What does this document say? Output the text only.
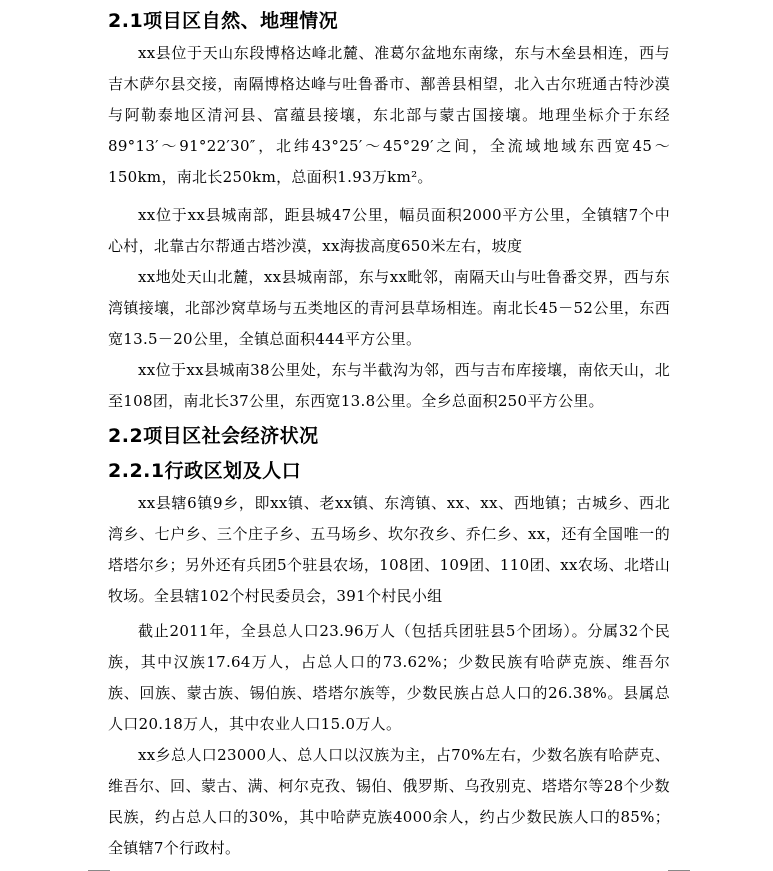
2.1项目区自然、地理情况
xx县位于天山东段博格达峰北麓、准葛尔盆地东南缘，东与木垒县相连，西与吉木萨尔县交接，南隔博格达峰与吐鲁番市、鄯善县相望，北入古尔班通古特沙漠与阿勒泰地区清河县、富蕴县接壤，东北部与蒙古国接壤。地理坐标介于东经89°13′～91°22′30″，北纬43°25′～45°29′之间，全流域地域东西宽45～150km，南北长250km，总面积1.93万km²。
xx位于xx县城南部，距县城47公里，幅员面积2000平方公里，全镇辖7个中心村，北靠古尔帮通古塔沙漠，xx海拔高度650米左右，坡度
xx地处天山北麓，xx县城南部，东与xx毗邻，南隔天山与吐鲁番交界，西与东湾镇接壤，北部沙窝草场与五类地区的青河县草场相连。南北长45－52公里，东西宽13.5－20公里，全镇总面积444平方公里。
xx位于xx县城南38公里处，东与半截沟为邻，西与吉布库接壤，南依天山，北至108团，南北长37公里，东西宽13.8公里。全乡总面积250平方公里。
2.2项目区社会经济状况
2.2.1行政区划及人口
xx县辖6镇9乡，即xx镇、老xx镇、东湾镇、xx、xx、西地镇；古城乡、西北湾乡、七户乡、三个庄子乡、五马场乡、坎尔孜乡、乔仁乡、xx，还有全国唯一的塔塔尔乡；另外还有兵团5个驻县农场，108团、109团、110团、xx农场、北塔山牧场。全县辖102个村民委员会，391个村民小组
截止2011年，全县总人口23.96万人（包括兵团驻县5个团场）。分属32个民族，其中汉族17.64万人，占总人口的73.62%；少数民族有哈萨克族、维吾尔族、回族、蒙古族、锡伯族、塔塔尔族等，少数民族占总人口的26.38%。县属总人口20.18万人，其中农业人口15.0万人。
xx乡总人口23000人、总人口以汉族为主，占70%左右，少数名族有哈萨克、维吾尔、回、蒙古、满、柯尔克孜、锡伯、俄罗斯、乌孜别克、塔塔尔等28个少数民族，约占总人口的30%，其中哈萨克族4000余人，约占少数民族人口的85%；全镇辖7个行政村。
